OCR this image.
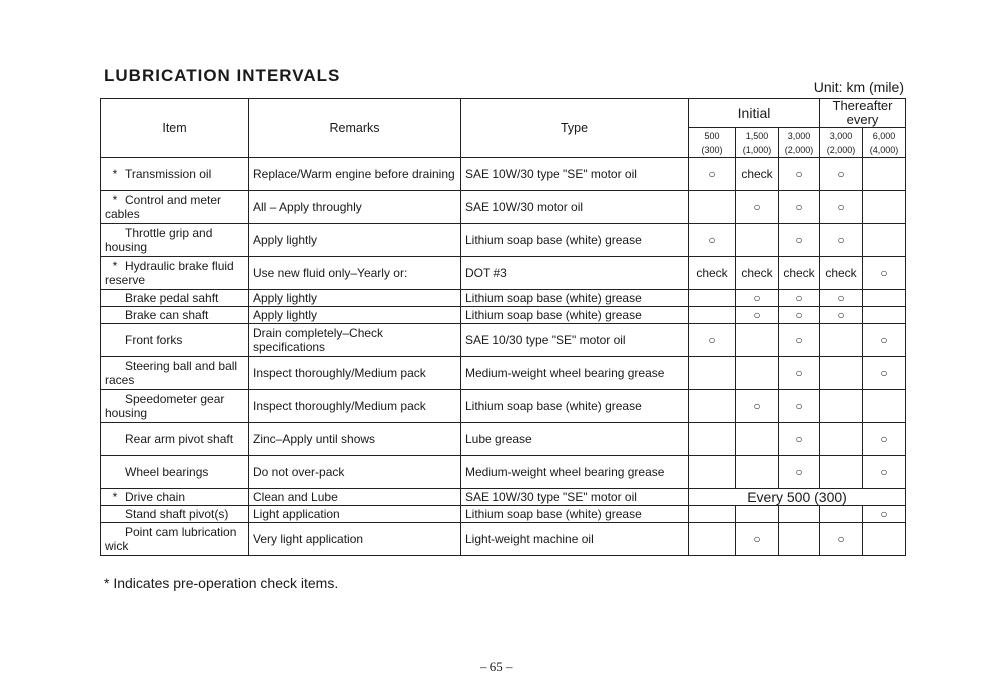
LUBRICATION INTERVALS
Unit: km (mile)
Item	Remarks	Type	Initial			Thereafter every	
			500 (300)	1,500 (1,000)	3,000 (2,000)	3,000 (2,000)	6,000 (4,000)
* Transmission oil	Replace/Warm engine before draining	SAE 10W/30 type "SE" motor oil	○	check	○	○	
* Control and meter cables	All – Apply throughly	SAE 10W/30 motor oil		○	○	○	
Throttle grip and housing	Apply lightly	Lithium soap base (white) grease	○		○	○	
* Hydraulic brake fluid reserve	Use new fluid only–Yearly or:	DOT #3	check	check	check	check	○
Brake pedal sahft	Apply lightly	Lithium soap base (white) grease		○	○	○	
Brake can shaft	Apply lightly	Lithium soap base (white) grease		○	○	○	
Front forks	Drain completely–Check specifications	SAE 10/30 type "SE" motor oil	○		○		○
Steering ball and ball races	Inspect thoroughly/Medium pack	Medium-weight wheel bearing grease			○		○
Speedometer gear housing	Inspect thoroughly/Medium pack	Lithium soap base (white) grease		○	○		
Rear arm pivot shaft	Zinc–Apply until shows	Lube grease			○		○
Wheel bearings	Do not over-pack	Medium-weight wheel bearing grease			○		○
* Drive chain	Clean and Lube	SAE 10W/30 type "SE" motor oil	Every 500 (300)				
Stand shaft pivot(s)	Light application	Lithium soap base (white) grease					○
Point cam lubrication wick	Very light application	Light-weight machine oil		○		○	
* Indicates pre-operation check items.
– 65 –
